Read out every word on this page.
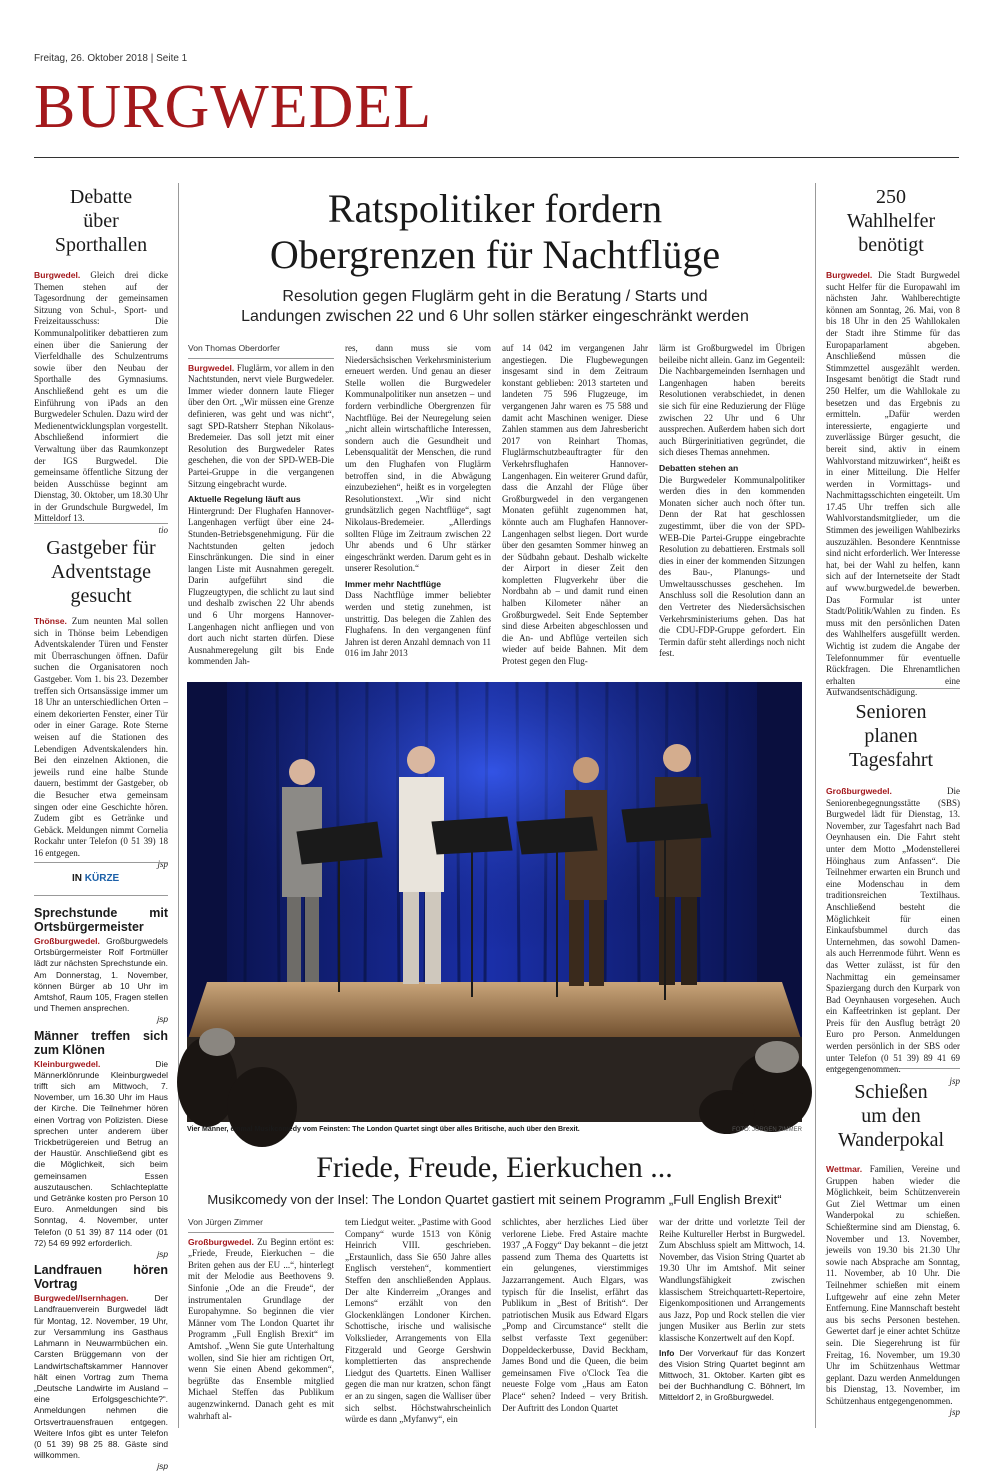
Freitag, 26. Oktober 2018 | Seite 1
BURGWEDEL
Debatte
über
Sporthallen

Burgwedel. Gleich drei dicke Themen stehen auf der Tagesordnung der gemeinsamen Sitzung von Schul-, Sport- und Freizeitausschuss: Die Kommunalpolitiker debattieren zum einen über die Sanierung der Vierfeldhalle des Schulzentrums sowie über den Neubau der Sporthalle des Gymnasiums. Anschließend geht es um die Einführung von iPads an den Burgwedeler Schulen. Dazu wird der Medienentwicklungsplan vorgestellt. Abschließend informiert die Verwaltung über das Raumkonzept der IGS Burgwedel. Die gemeinsame öffentliche Sitzung der beiden Ausschüsse beginnt am Dienstag, 30. Oktober, um 18.30 Uhr in der Grundschule Burgwedel, Im Mitteldorf 13.

tio

Gastgeber für
Adventstage
gesucht

Thönse. Zum neunten Mal sollen sich in Thönse beim Lebendigen Adventskalender Türen und Fenster mit Überraschungen öffnen. Dafür suchen die Organisatoren noch Gastgeber. Vom 1. bis 23. Dezember treffen sich Ortsansässige immer um 18 Uhr an unterschiedlichen Orten – einem dekorierten Fenster, einer Tür oder in einer Garage. Rote Sterne weisen auf die Stationen des Lebendigen Adventskalenders hin. Bei den einzelnen Aktionen, die jeweils rund eine halbe Stunde dauern, bestimmt der Gastgeber, ob die Besucher etwa gemeinsam singen oder eine Geschichte hören. Zudem gibt es Getränke und Gebäck. Meldungen nimmt Cornelia Rockahr unter Telefon (0 51 39) 18 16 entgegen.

jsp

IN KÜRZE
Sprechstunde mit Ortsbürgermeister

Großburgwedel. Großburgwedels Ortsbürgermeister Rolf Fortmüller lädt zur nächsten Sprechstunde ein. Am Donnerstag, 1. November, können Bürger ab 10 Uhr im Amtshof, Raum 105, Fragen stellen und Themen ansprechen.

jsp

Männer treffen sich zum Klönen

Kleinburgwedel. Die Männerklönrunde Kleinburgwedel trifft sich am Mittwoch, 7. November, um 16.30 Uhr im Haus der Kirche. Die Teilnehmer hören einen Vortrag von Polizisten. Diese sprechen unter anderem über Trickbetrügereien und Betrug an der Haustür. Anschließend gibt es die Möglichkeit, sich beim gemeinsamen Essen auszutauschen. Schlachteplatte und Getränke kosten pro Person 10 Euro. Anmeldungen sind bis Sonntag, 4. November, unter Telefon (0 51 39) 87 114 oder (01 72) 54 69 992 erforderlich.

jsp

Landfrauen hören Vortrag

Burgwedel/Isernhagen. Der Landfrauenverein Burgwedel lädt für Montag, 12. November, 19 Uhr, zur Versammlung ins Gasthaus Lahmann in Neuwarmbüchen ein. Carsten Brüggemann von der Landwirtschaftskammer Hannover hält einen Vortrag zum Thema „Deutsche Landwirte im Ausland – eine Erfolgsgeschichte?“. Anmeldungen nehmen die Ortsvertrauensfrauen entgegen. Weitere Infos gibt es unter Telefon (0 51 39) 98 25 88. Gäste sind willkommen.

jsp

Ratspolitiker fordern
Obergrenzen für Nachtflüge
Resolution gegen Fluglärm geht in die Beratung / Starts und
Landungen zwischen 22 und 6 Uhr sollen stärker eingeschränkt werden
Von Thomas Oberdorfer

Burgwedel. Fluglärm, vor allem in den Nachtstunden, nervt viele Burgwedeler. Immer wieder donnern laute Flieger über den Ort. „Wir müssen eine Grenze definieren, was geht und was nicht“, sagt SPD-Ratsherr Stephan Nikolaus-Bredemeier. Das soll jetzt mit einer Resolution des Burgwedeler Rates geschehen, die von der SPD-WEB-Die Partei-Gruppe in die vergangenen Sitzung eingebracht wurde.

Aktuelle Regelung läuft aus

Hintergrund: Der Flughafen Hannover-Langenhagen verfügt über eine 24-Stunden-Betriebsgenehmigung. Für die Nachtstunden gelten jedoch Einschränkungen. Die sind in einer langen Liste mit Ausnahmen geregelt. Darin aufgeführt sind die Flugzeugtypen, die schlicht zu laut sind und deshalb zwischen 22 Uhr abends und 6 Uhr morgens Hannover-Langenhagen nicht anfliegen und von dort auch nicht starten dürfen. Diese Ausnahmeregelung gilt bis Ende kommenden Jah-

res, dann muss sie vom Niedersächsischen Verkehrsministerium erneuert werden. Und genau an dieser Stelle wollen die Burgwedeler Kommunalpolitiker nun ansetzen – und fordern verbindliche Obergrenzen für Nachtflüge. Bei der Neuregelung seien „nicht allein wirtschaftliche Interessen, sondern auch die Gesundheit und Lebensqualität der Menschen, die rund um den Flughafen von Fluglärm betroffen sind, in die Abwägung einzubeziehen“, heißt es in vorgelegten Resolutionstext. „Wir sind nicht grundsätzlich gegen Nachtflüge“, sagt Nikolaus-Bredemeier. „Allerdings sollten Flüge im Zeitraum zwischen 22 Uhr abends und 6 Uhr stärker eingeschränkt werden. Darum geht es in unserer Resolution.“

Immer mehr Nachtflüge

Dass Nachtflüge immer beliebter werden und stetig zunehmen, ist unstrittig. Das belegen die Zahlen des Flughafens. In den vergangenen fünf Jahren ist deren Anzahl demnach von 11 016 im Jahr 2013

auf 14 042 im vergangenen Jahr angestiegen. Die Flugbewegungen insgesamt sind in dem Zeitraum konstant geblieben: 2013 starteten und landeten 75 596 Flugzeuge, im vergangenen Jahr waren es 75 588 und damit acht Maschinen weniger. Diese Zahlen stammen aus dem Jahresbericht 2017 von Reinhart Thomas, Fluglärmschutzbeauftragter für den Verkehrsflughafen Hannover-Langenhagen. Ein weiterer Grund dafür, dass die Anzahl der Flüge über Großburgwedel in den vergangenen Monaten gefühlt zugenommen hat, könnte auch am Flughafen Hannover-Langenhagen selbst liegen. Dort wurde über den gesamten Sommer hinweg an der Südbahn gebaut. Deshalb wickelte der Airport in dieser Zeit den kompletten Flugverkehr über die Nordbahn ab – und damit rund einen halben Kilometer näher an Großburgwedel. Seit Ende September sind diese Arbeiten abgeschlossen und die An- und Abflüge verteilen sich wieder auf beide Bahnen. Mit dem Protest gegen den Flug-

lärm ist Großburgwedel im Übrigen beileibe nicht allein. Ganz im Gegenteil: Die Nachbargemeinden Isernhagen und Langenhagen haben bereits Resolutionen verabschiedet, in denen sie sich für eine Reduzierung der Flüge zwischen 22 Uhr und 6 Uhr aussprechen. Außerdem haben sich dort auch Bürgerinitiativen gegründet, die sich dieses Themas annehmen.

Debatten stehen an

Die Burgwedeler Kommunalpolitiker werden dies in den kommenden Monaten sicher auch noch öfter tun. Denn der Rat hat geschlossen zugestimmt, über die von der SPD-WEB-Die Partei-Gruppe eingebrachte Resolution zu debattieren. Erstmals soll dies in einer der kommenden Sitzungen des Bau-, Planungs- und Umweltausschusses geschehen. Im Anschluss soll die Resolution dann an den Vertreter des Niedersächsischen Verkehrsministeriums gehen. Das hat die CDU-FDP-Gruppe gefordert. Ein Termin dafür steht allerdings noch nicht fest.

Vier Männer, einmal Musikcomedy vom Feinsten: The London Quartet singt über alles Britische, auch über den Brexit.	FOTO: JÜRGEN ZIMMER
Friede, Freude, Eierkuchen ...
Musikcomedy von der Insel: The London Quartet gastiert mit seinem Programm „Full English Brexit“
Von Jürgen Zimmer

Großburgwedel. Zu Beginn ertönt es: „Friede, Freude, Eierkuchen – die Briten gehen aus der EU ...“, hinterlegt mit der Melodie aus Beethovens 9. Sinfonie „Ode an die Freude“, der instrumentalen Grundlage der Europahymne. So beginnen die vier Männer vom The London Quartet ihr Programm „Full English Brexit“ im Amtshof. „Wenn Sie gute Unterhaltung wollen, sind Sie hier am richtigen Ort, wenn Sie einen Abend gekommen“, begrüßte das Ensemble mitglied Michael Steffen das Publikum augenzwinkernd. Danach geht es mit wahrhaft al-

tem Liedgut weiter. „Pastime with Good Company“ wurde 1513 von König Heinrich VIII. geschrieben. „Erstaunlich, dass Sie 650 Jahre alles Englisch verstehen“, kommentiert Steffen den anschließenden Applaus. Der alte Kinderreim „Oranges and Lemons“ erzählt von den Glockenklängen Londoner Kirchen. Schottische, irische und walisische Volkslieder, Arrangements von Ella Fitzgerald und George Gershwin komplettierten das ansprechende Liedgut des Quartetts. Einen Walliser gegen die man nur kratzen, schon fängt er an zu singen, sagen die Walliser über sich selbst. Höchstwahrscheinlich würde es dann „Myfanwy“, ein

schlichtes, aber herzliches Lied über verlorene Liebe. Fred Astaire machte 1937 „A Foggy“ Day bekannt – die jetzt passend zum Thema des Quartetts ist ein gelungenes, vierstimmiges Jazzarrangement. Auch Elgars, was typisch für die Inselist, erfährt das Publikum in „Best of British“. Der patriotischen Musik aus Edward Elgars „Pomp and Circumstance“ stellt die selbst verfasste Text gegenüber: Doppeldeckerbusse, David Beckham, James Bond und die Queen, die beim gemeinsamen Five o'Clock Tea die neueste Folge vom „Haus am Eaton Place“ sehen? Indeed – very British. Der Auftritt des London Quartet

war der dritte und vorletzte Teil der Reihe Kultureller Herbst in Burgwedel. Zum Abschluss spielt am Mittwoch, 14. November, das Vision String Quartet ab 19.30 Uhr im Amtshof. Mit seiner Wandlungsfähigkeit zwischen klassischem Streichquartett-Repertoire, Eigenkompositionen und Arrangements aus Jazz, Pop und Rock stellen die vier jungen Musiker aus Berlin zur stets klassische Konzertwelt auf den Kopf.

Info Der Vorverkauf für das Konzert des Vision String Quartet beginnt am Mittwoch, 31. Oktober. Karten gibt es bei der Buchhandlung C. Böhnert, Im Mitteldorf 2, in Großburgwedel.

250
Wahlhelfer
benötigt

Burgwedel. Die Stadt Burgwedel sucht Helfer für die Europawahl im nächsten Jahr. Wahlberechtigte können am Sonntag, 26. Mai, von 8 bis 18 Uhr in den 25 Wahllokalen der Stadt ihre Stimme für das Europaparlament abgeben. Anschließend müssen die Stimmzettel ausgezählt werden. Insgesamt benötigt die Stadt rund 250 Helfer, um die Wahllokale zu besetzen und das Ergebnis zu ermitteln. „Dafür werden interessierte, engagierte und zuverlässige Bürger gesucht, die bereit sind, aktiv in einem Wahlvorstand mitzuwirken“, heißt es in einer Mitteilung. Die Helfer werden in Vormittags- und Nachmittagsschichten eingeteilt. Um 17.45 Uhr treffen sich alle Wahlvorstandsmitglieder, um die Stimmen des jeweiligen Wahlbezirks auszuzählen. Besondere Kenntnisse sind nicht erforderlich. Wer Interesse hat, bei der Wahl zu helfen, kann sich auf der Internetseite der Stadt auf www.burgwedel.de bewerben. Das Formular ist unter Stadt/Politik/Wahlen zu finden. Es muss mit den persönlichen Daten des Wahlhelfers ausgefüllt werden. Wichtig ist zudem die Angabe der Telefonnummer für eventuelle Rückfragen. Die Ehrenamtlichen erhalten eine Aufwandsentschädigung.

Senioren
planen
Tagesfahrt

Großburgwedel. Die Seniorenbegegnungsstätte (SBS) Burgwedel lädt für Dienstag, 13. November, zur Tagesfahrt nach Bad Oeynhausen ein. Die Fahrt steht unter dem Motto „Modenstellerei Höinghaus zum Anfassen“. Die Teilnehmer erwarten ein Brunch und eine Modenschau in dem traditionsreichen Textilhaus. Anschließend besteht die Möglichkeit für einen Einkaufsbummel durch das Unternehmen, das sowohl Damen- als auch Herrenmode führt. Wenn es das Wetter zulässt, ist für den Nachmittag ein gemeinsamer Spaziergang durch den Kurpark von Bad Oeynhausen vorgesehen. Auch ein Kaffeetrinken ist geplant. Der Preis für den Ausflug beträgt 20 Euro pro Person. Anmeldungen werden persönlich in der SBS oder unter Telefon (0 51 39) 89 41 69 entgegengenommen.

jsp

Schießen
um den
Wanderpokal

Wettmar. Familien, Vereine und Gruppen haben wieder die Möglichkeit, beim Schützenverein Gut Ziel Wettmar um einen Wanderpokal zu schießen. Schießtermine sind am Dienstag, 6. November und 13. November, jeweils von 19.30 bis 21.30 Uhr sowie nach Absprache am Sonntag, 11. November, ab 10 Uhr. Die Teilnehmer schießen mit einem Luftgewehr auf eine zehn Meter Entfernung. Eine Mannschaft besteht aus bis sechs Personen bestehen. Gewertet darf je einer achtet Schütze sein. Die Siegerehrung ist für Freitag, 16. November, um 19.30 Uhr im Schützenhaus Wettmar geplant. Dazu werden Anmeldungen bis Dienstag, 13. November, im Schützenhaus entgegengenommen.

jsp
